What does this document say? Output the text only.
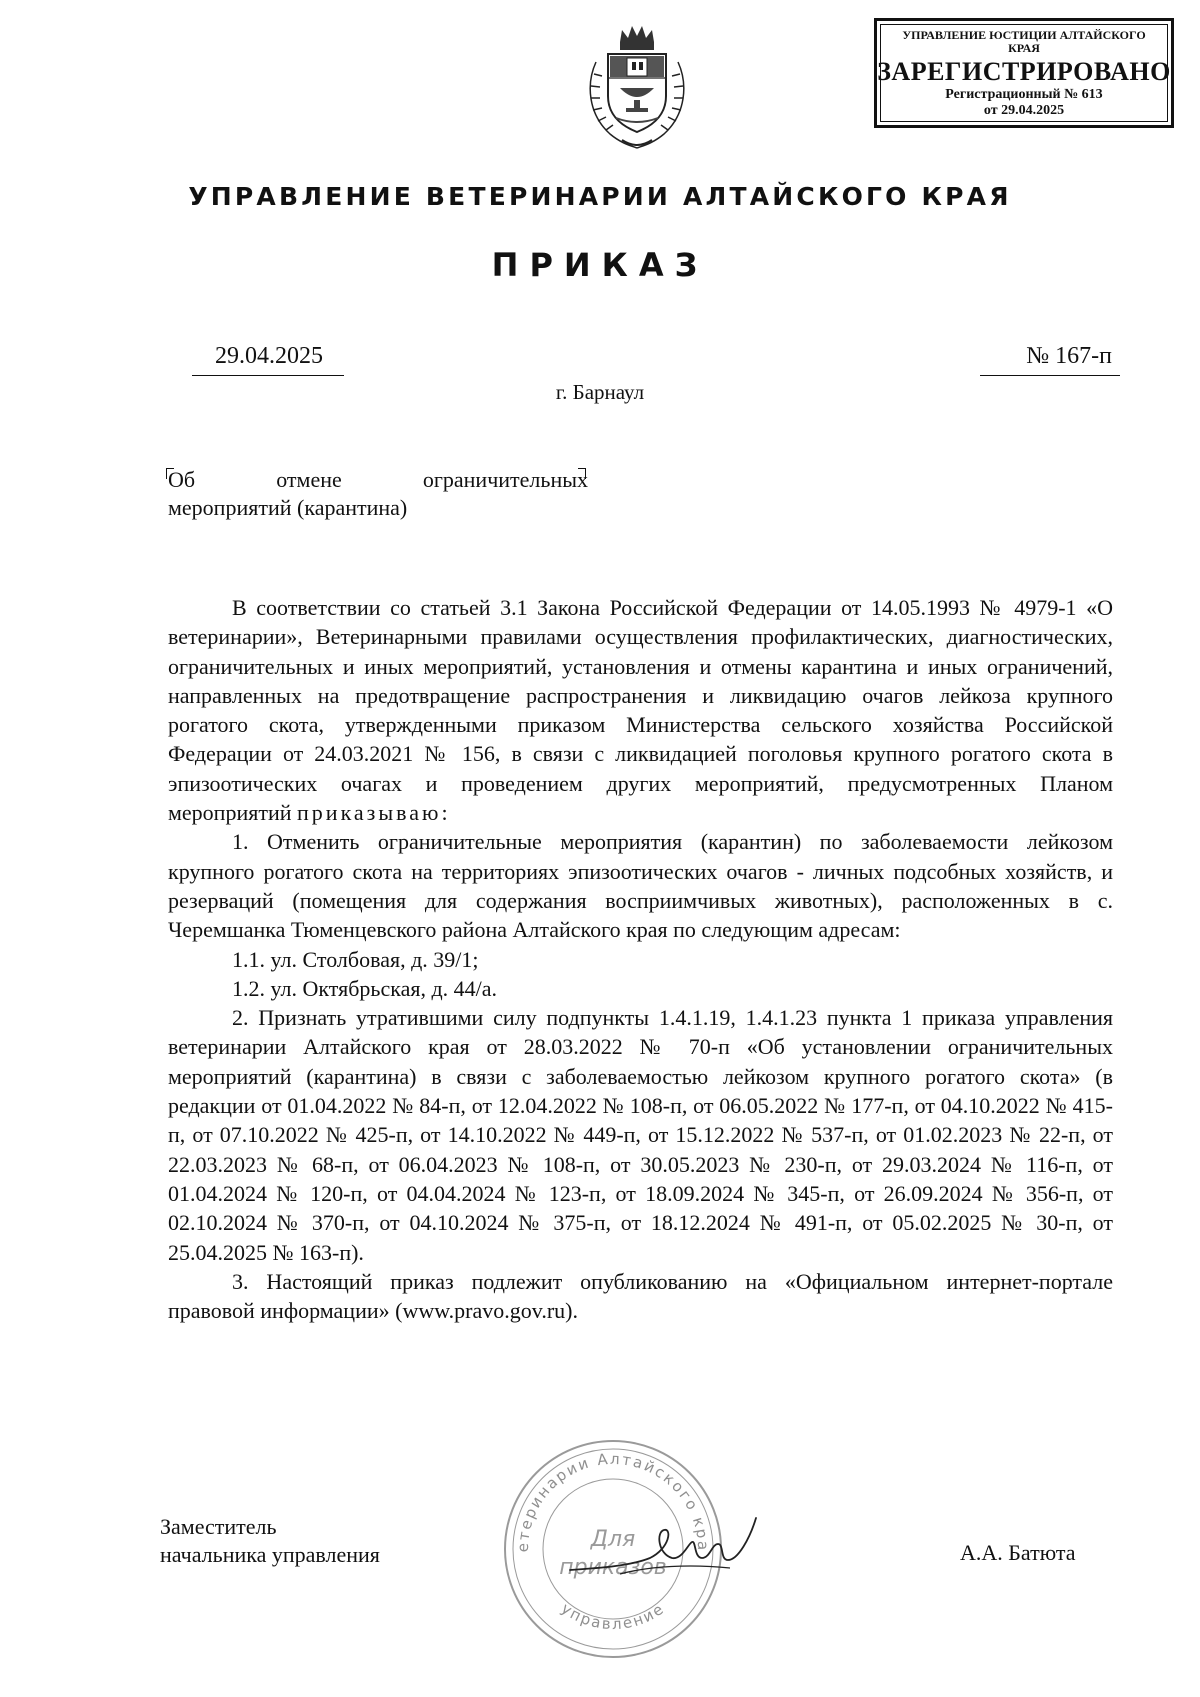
УПРАВЛЕНИЕ ЮСТИЦИИ АЛТАЙСКОГО КРАЯ
ЗАРЕГИСТРИРОВАНО
Регистрационный № 613
от 29.04.2025
УПРАВЛЕНИЕ ВЕТЕРИНАРИИ АЛТАЙСКОГО КРАЯ
ПРИКАЗ
29.04.2025	№ 167-п
г. Барнаул
Об	отмене	ограничительных
мероприятий (карантина)

В соответствии со статьей 3.1 Закона Российской Федерации от 14.05.1993 № 4979-1 «О ветеринарии», Ветеринарными правилами осуществления профилактических, диагностических, ограничительных и иных мероприятий, установления и отмены карантина и иных ограничений, направленных на предотвращение распространения и ликвидацию очагов лейкоза крупного рогатого скота, утвержденными приказом Министерства сельского хозяйства Российской Федерации от 24.03.2021 № 156, в связи с ликвидацией поголовья крупного рогатого скота в эпизоотических очагах и проведением других мероприятий, предусмотренных Планом мероприятий приказываю:

1. Отменить ограничительные мероприятия (карантин) по заболеваемости лейкозом крупного рогатого скота на территориях эпизоотических очагов - личных подсобных хозяйств, и резерваций (помещения для содержания восприимчивых животных), расположенных в с. Черемшанка Тюменцевского района Алтайского края по следующим адресам:

1.1. ул. Столбовая, д. 39/1;

1.2. ул. Октябрьская, д. 44/а.

2. Признать утратившими силу подпункты 1.4.1.19, 1.4.1.23 пункта 1 приказа управления ветеринарии Алтайского края от 28.03.2022 № 70-п «Об установлении ограничительных мероприятий (карантина) в связи с заболеваемостью лейкозом крупного рогатого скота» (в редакции от 01.04.2022 № 84-п, от 12.04.2022 № 108-п, от 06.05.2022 № 177-п, от 04.10.2022 № 415-п, от 07.10.2022 № 425-п, от 14.10.2022 № 449-п, от 15.12.2022 № 537-п, от 01.02.2023 № 22-п, от 22.03.2023 № 68-п, от 06.04.2023 № 108-п, от 30.05.2023 № 230-п, от 29.03.2024 № 116-п, от 01.04.2024 № 120-п, от 04.04.2024 № 123-п, от 18.09.2024 № 345-п, от 26.09.2024 № 356-п, от 02.10.2024 № 370-п, от 04.10.2024 № 375-п, от 18.12.2024 № 491-п, от 05.02.2025 № 30-п, от 25.04.2025 № 163-п).

3. Настоящий приказ подлежит опубликованию на «Официальном интернет-портале правовой информации» (www.pravo.gov.ru).

Заместитель
начальника управления	А.А. Батюта
етеринарии Алтайского кра
управление
Для
приказов
